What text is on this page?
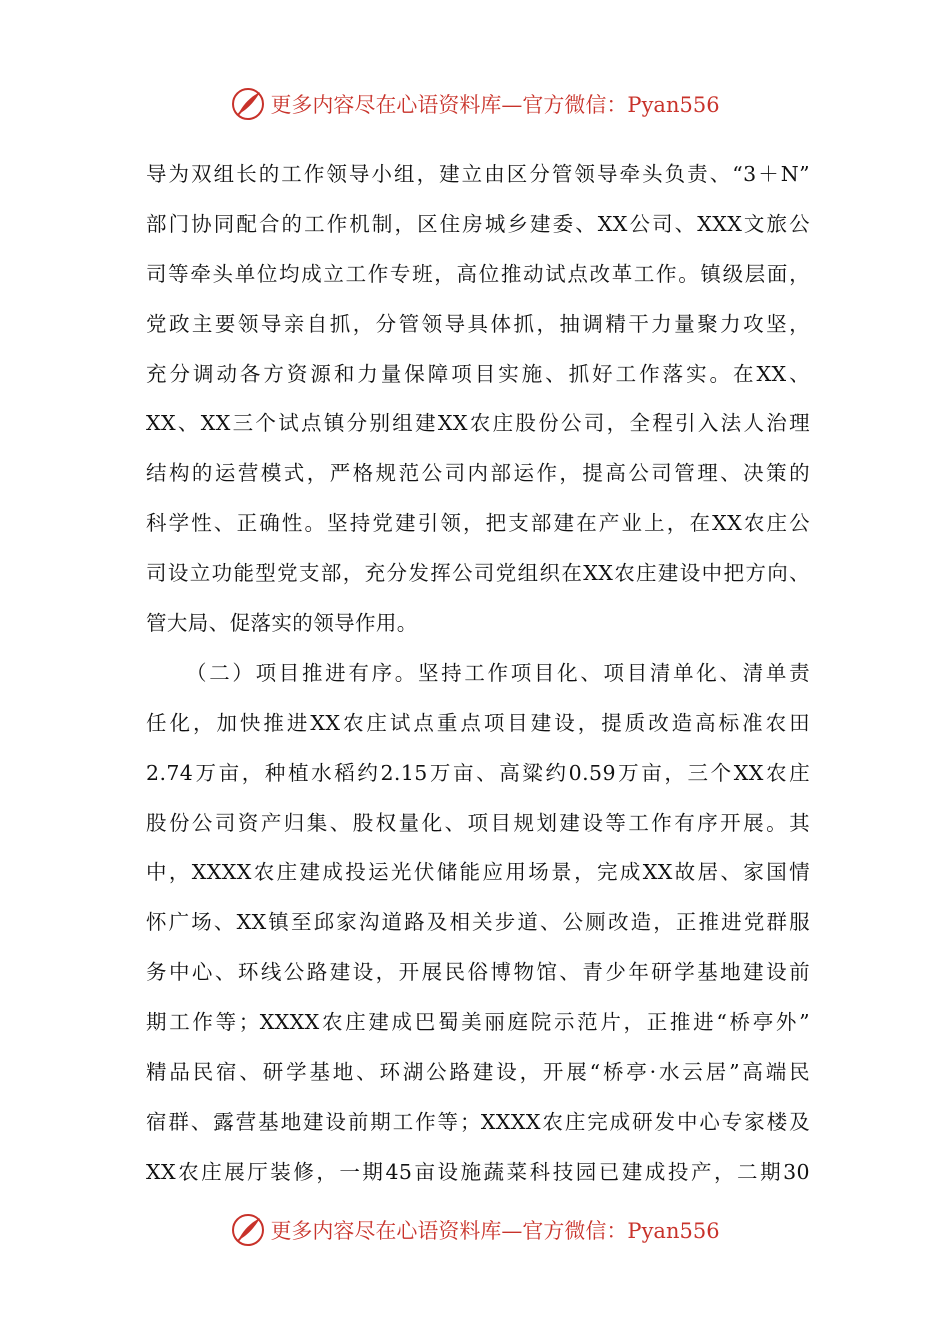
更多内容尽在心语资料库—官方微信：Pyan556
导为双组长的工作领导小组，建立由区分管领导牵头负责、“3＋N”
部门协同配合的工作机制，区住房城乡建委、XX公司、XXX文旅公
司等牵头单位均成立工作专班，高位推动试点改革工作。镇级层面，
党政主要领导亲自抓，分管领导具体抓，抽调精干力量聚力攻坚，
充分调动各方资源和力量保障项目实施、抓好工作落实。在XX、
XX、XX三个试点镇分别组建XX农庄股份公司，全程引入法人治理
结构的运营模式，严格规范公司内部运作，提高公司管理、决策的
科学性、正确性。坚持党建引领，把支部建在产业上，在XX农庄公
司设立功能型党支部，充分发挥公司党组织在XX农庄建设中把方向、
管大局、促落实的领导作用。
（二）项目推进有序。坚持工作项目化、项目清单化、清单责
任化，加快推进XX农庄试点重点项目建设，提质改造高标准农田
2.74万亩，种植水稻约2.15万亩、高粱约0.59万亩，三个XX农庄
股份公司资产归集、股权量化、项目规划建设等工作有序开展。其
中，XXXX农庄建成投运光伏储能应用场景，完成XX故居、家国情
怀广场、XX镇至邱家沟道路及相关步道、公厕改造，正推进党群服
务中心、环线公路建设，开展民俗博物馆、青少年研学基地建设前
期工作等；XXXX农庄建成巴蜀美丽庭院示范片，正推进“桥亭外”
精品民宿、研学基地、环湖公路建设，开展“桥亭·水云居”高端民
宿群、露营基地建设前期工作等；XXXX农庄完成研发中心专家楼及
XX农庄展厅装修，一期45亩设施蔬菜科技园已建成投产，二期30
更多内容尽在心语资料库—官方微信：Pyan556
